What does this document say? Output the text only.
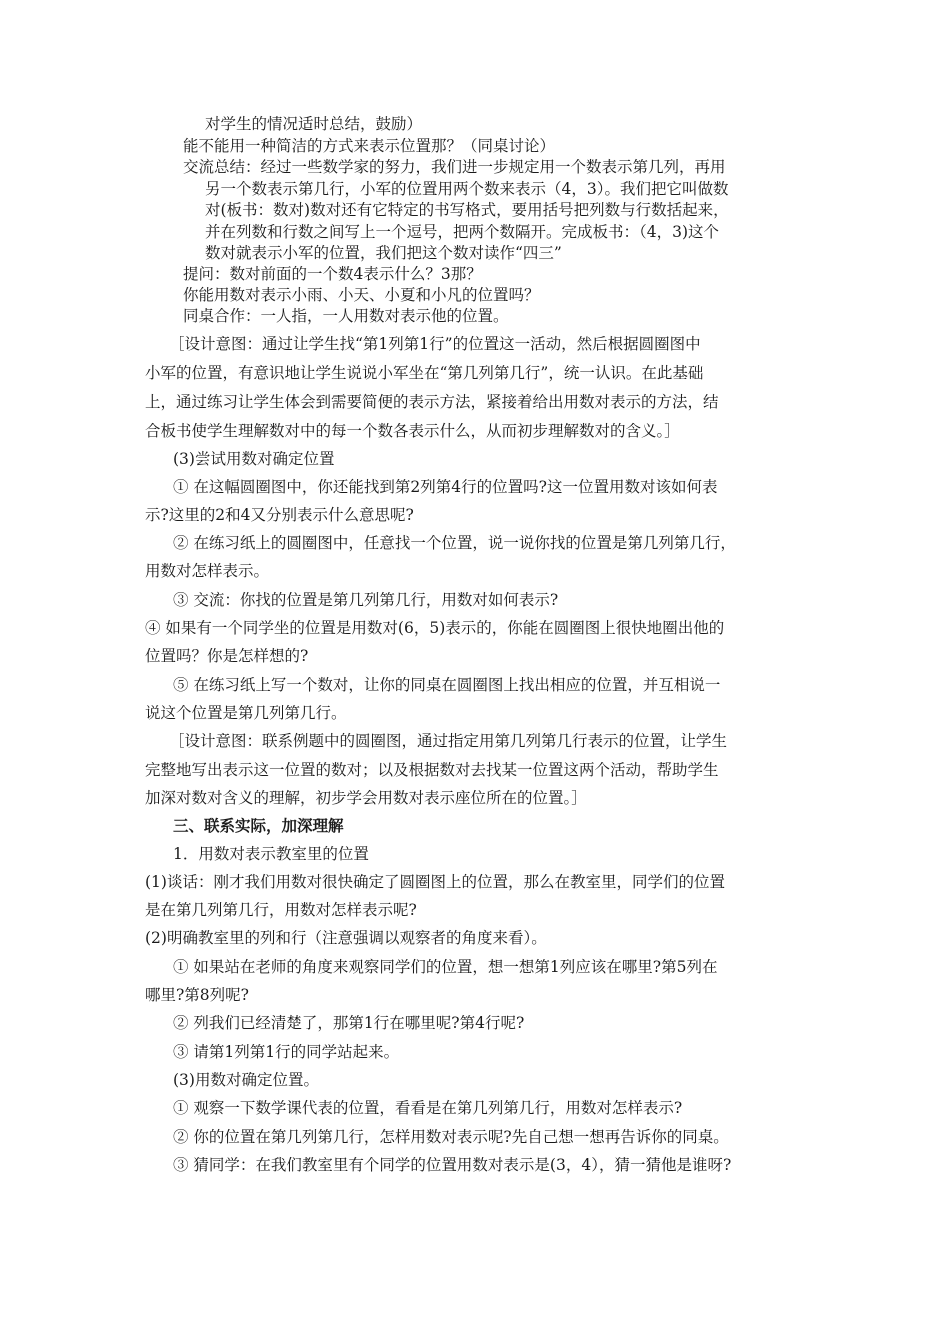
对学生的情况适时总结，鼓励）
能不能用一种简洁的方式来表示位置那？（同桌讨论）
交流总结：经过一些数学家的努力，我们进一步规定用一个数表示第几列，再用
另一个数表示第几行，小军的位置用两个数来表示（4，3）。我们把它叫做数
对(板书：数对)数对还有它特定的书写格式，要用括号把列数与行数括起来，
并在列数和行数之间写上一个逗号，把两个数隔开。完成板书：（4，3)这个
数对就表示小军的位置，我们把这个数对读作“四三”
提问：数对前面的一个数4表示什么？3那？
你能用数对表示小雨、小天、小夏和小凡的位置吗？
同桌合作：一人指，一人用数对表示他的位置。
［设计意图：通过让学生找“第1列第1行”的位置这一活动，然后根据圆圈图中
小军的位置，有意识地让学生说说小军坐在“第几列第几行”，统一认识。在此基础
上，通过练习让学生体会到需要简便的表示方法，紧接着给出用数对表示的方法，结
合板书使学生理解数对中的每一个数各表示什么，从而初步理解数对的含义。］
(3)尝试用数对确定位置
① 在这幅圆圈图中，你还能找到第2列第4行的位置吗?这一位置用数对该如何表
示?这里的2和4又分别表示什么意思呢?
② 在练习纸上的圆圈图中，任意找一个位置，说一说你找的位置是第几列第几行，
用数对怎样表示。
③ 交流：你找的位置是第几列第几行，用数对如何表示?
④ 如果有一个同学坐的位置是用数对(6，5)表示的，你能在圆圈图上很快地圈出他的
位置吗？你是怎样想的?
⑤ 在练习纸上写一个数对，让你的同桌在圆圈图上找出相应的位置，并互相说一
说这个位置是第几列第几行。
［设计意图：联系例题中的圆圈图，通过指定用第几列第几行表示的位置，让学生
完整地写出表示这一位置的数对；以及根据数对去找某一位置这两个活动，帮助学生
加深对数对含义的理解，初步学会用数对表示座位所在的位置。］
三、联系实际，加深理解
1．用数对表示教室里的位置
(1)谈话：刚才我们用数对很快确定了圆圈图上的位置，那么在教室里，同学们的位置
是在第几列第几行，用数对怎样表示呢?
(2)明确教室里的列和行（注意强调以观察者的角度来看）。
① 如果站在老师的角度来观察同学们的位置，想一想第1列应该在哪里?第5列在
哪里?第8列呢?
② 列我们已经清楚了，那第1行在哪里呢?第4行呢?
③ 请第1列第1行的同学站起来。
(3)用数对确定位置。
① 观察一下数学课代表的位置，看看是在第几列第几行，用数对怎样表示?
② 你的位置在第几列第几行，怎样用数对表示呢?先自己想一想再告诉你的同桌。
③ 猜同学：在我们教室里有个同学的位置用数对表示是(3，4），猜一猜他是谁呀?
